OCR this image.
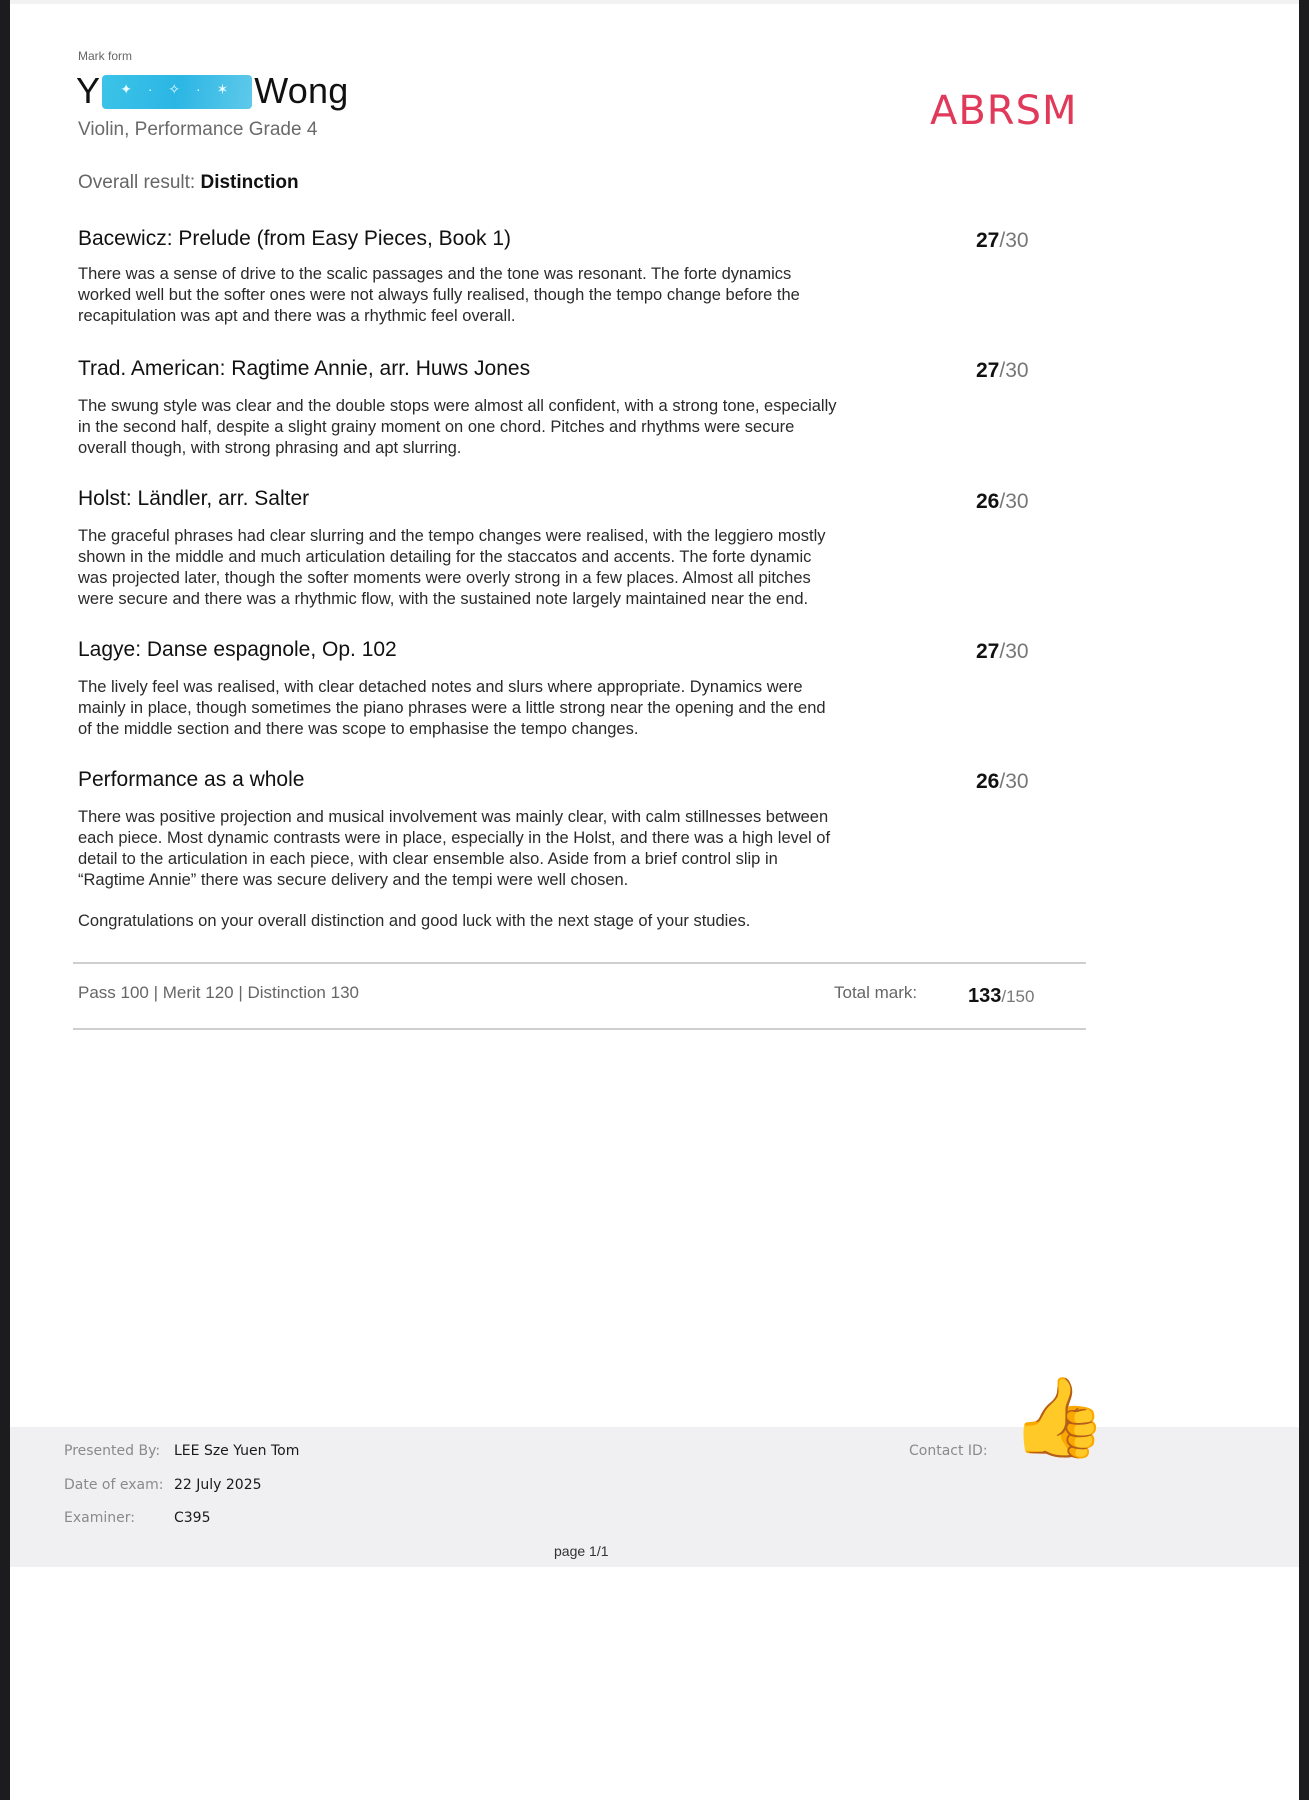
Mark form
Y ✦ · ✧ · ✶	Wong
Violin, Performance Grade 4	ABRSM
Overall result: Distinction
Bacewicz: Prelude (from Easy Pieces, Book 1)	27/30
There was a sense of drive to the scalic passages and the tone was resonant. The forte dynamics worked well but the softer ones were not always fully realised, though the tempo change before the recapitulation was apt and there was a rhythmic feel overall.
Trad. American: Ragtime Annie, arr. Huws Jones	27/30
The swung style was clear and the double stops were almost all confident, with a strong tone, especially in the second half, despite a slight grainy moment on one chord. Pitches and rhythms were secure overall though, with strong phrasing and apt slurring.
Holst: Ländler, arr. Salter	26/30
The graceful phrases had clear slurring and the tempo changes were realised, with the leggiero mostly shown in the middle and much articulation detailing for the staccatos and accents. The forte dynamic was projected later, though the softer moments were overly strong in a few places. Almost all pitches were secure and there was a rhythmic flow, with the sustained note largely maintained near the end.
Lagye: Danse espagnole, Op. 102	27/30
The lively feel was realised, with clear detached notes and slurs where appropriate. Dynamics were mainly in place, though sometimes the piano phrases were a little strong near the opening and the end of the middle section and there was scope to emphasise the tempo changes.
Performance as a whole	26/30
There was positive projection and musical involvement was mainly clear, with calm stillnesses between each piece. Most dynamic contrasts were in place, especially in the Holst, and there was a high level of detail to the articulation in each piece, with clear ensemble also. Aside from a brief control slip in “Ragtime Annie” there was secure delivery and the tempi were well chosen.
Congratulations on your overall distinction and good luck with the next stage of your studies.
Pass 100 | Merit 120 | Distinction 130	Total mark:	133/150
Presented By: LEE Sze Yuen Tom
Date of exam: 22 July 2025
Examiner:	C395
Contact ID:
page 1/1
👍
